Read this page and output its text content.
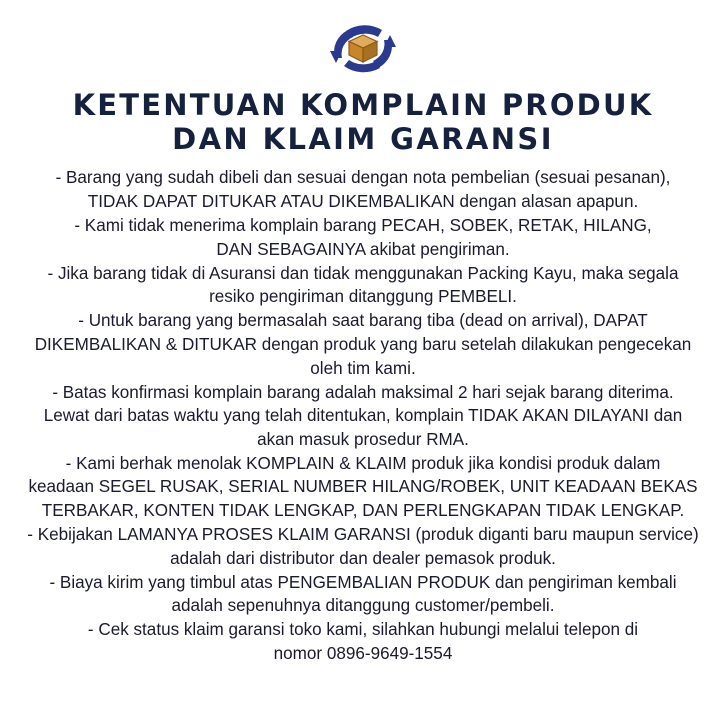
KETENTUAN KOMPLAIN PRODUK
DAN KLAIM GARANSI

- Barang yang sudah dibeli dan sesuai dengan nota pembelian (sesuai pesanan),
TIDAK DAPAT DITUKAR ATAU DIKEMBALIKAN dengan alasan apapun.

- Kami tidak menerima komplain barang PECAH, SOBEK, RETAK, HILANG,
DAN SEBAGAINYA akibat pengiriman.

- Jika barang tidak di Asuransi dan tidak menggunakan Packing Kayu, maka segala
resiko pengiriman ditanggung PEMBELI.

- Untuk barang yang bermasalah saat barang tiba (dead on arrival), DAPAT
DIKEMBALIKAN & DITUKAR dengan produk yang baru setelah dilakukan pengecekan
oleh tim kami.

- Batas konfirmasi komplain barang adalah maksimal 2 hari sejak barang diterima.
Lewat dari batas waktu yang telah ditentukan, komplain TIDAK AKAN DILAYANI dan
akan masuk prosedur RMA.

- Kami berhak menolak KOMPLAIN & KLAIM produk jika kondisi produk dalam
keadaan SEGEL RUSAK, SERIAL NUMBER HILANG/ROBEK, UNIT KEADAAN BEKAS
TERBAKAR, KONTEN TIDAK LENGKAP, DAN PERLENGKAPAN TIDAK LENGKAP.

- Kebijakan LAMANYA PROSES KLAIM GARANSI (produk diganti baru maupun service)
adalah dari distributor dan dealer pemasok produk.

- Biaya kirim yang timbul atas PENGEMBALIAN PRODUK dan pengiriman kembali
adalah sepenuhnya ditanggung customer/pembeli.

- Cek status klaim garansi toko kami, silahkan hubungi melalui telepon di
nomor 0896-9649-1554
